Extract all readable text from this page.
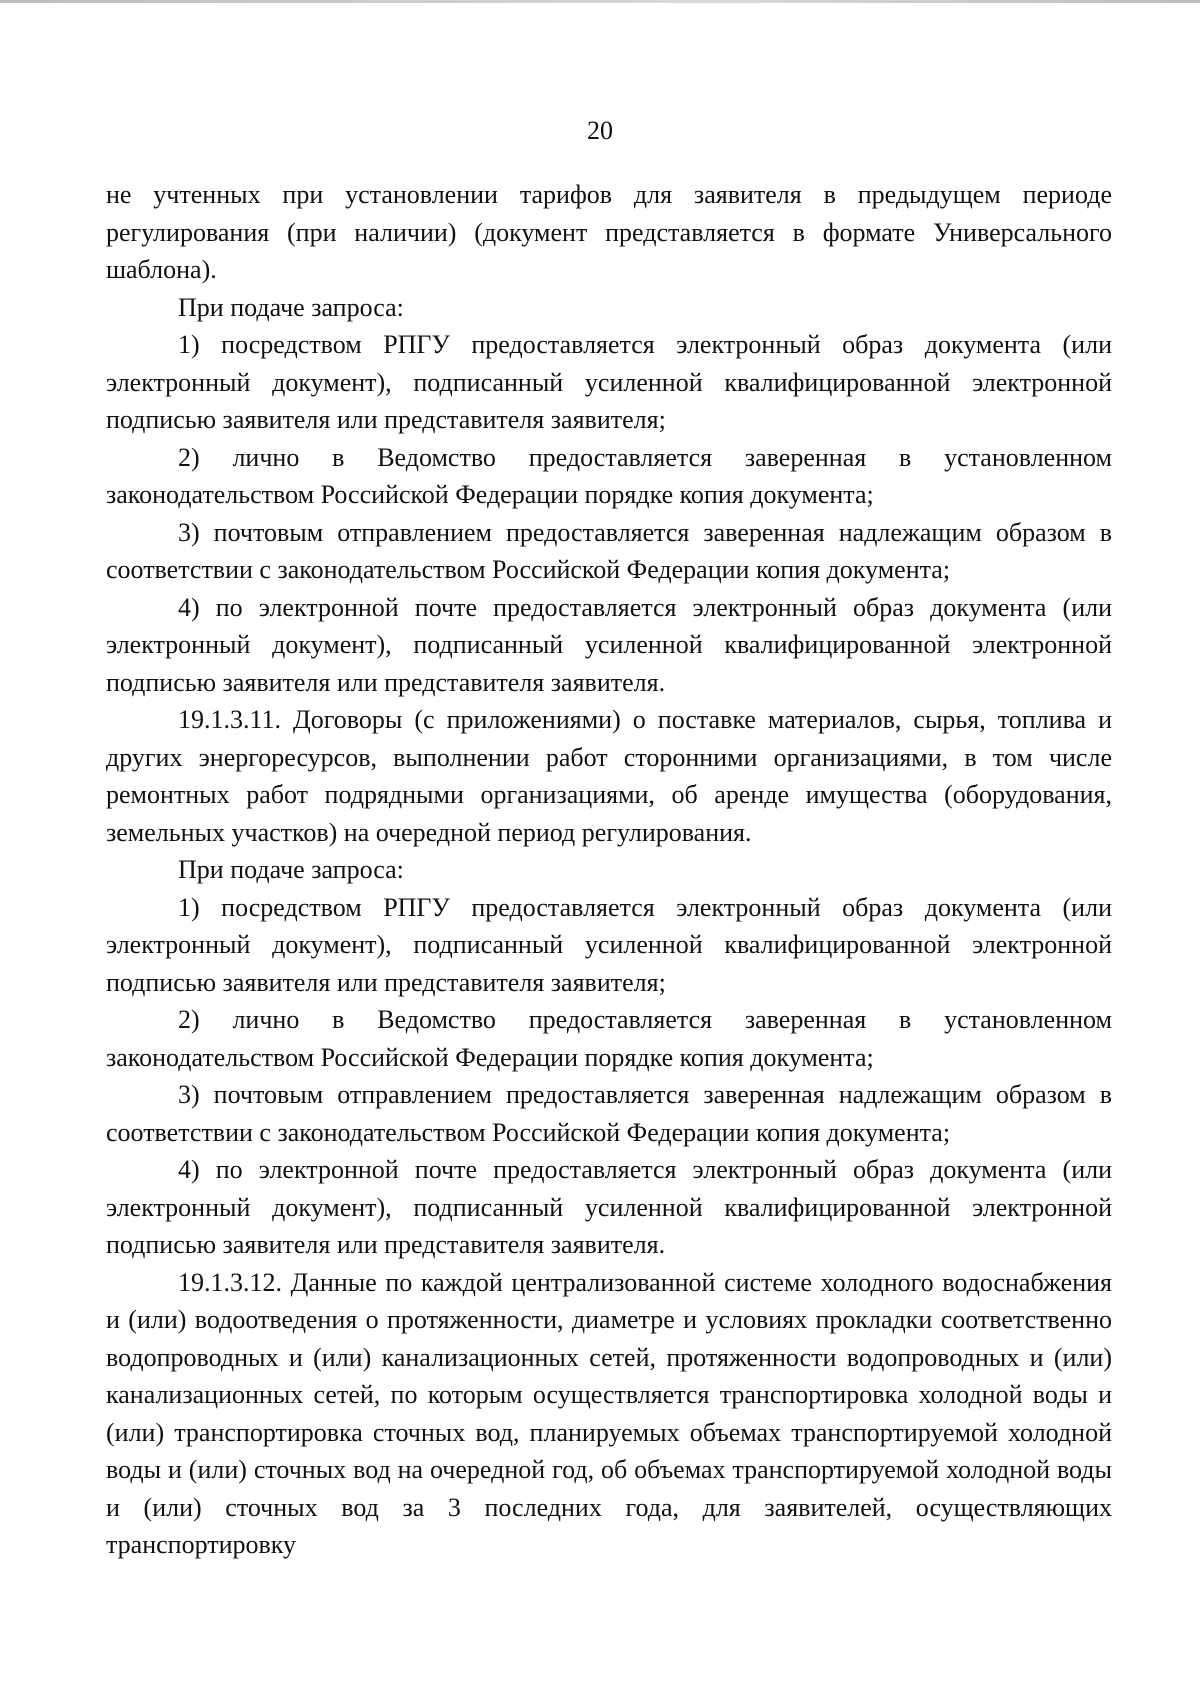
20

не учтенных при установлении тарифов для заявителя в предыдущем периоде регулирования (при наличии) (документ представляется в формате Универсального шаблона).

При подаче запроса:

1) посредством РПГУ предоставляется электронный образ документа (или электронный документ), подписанный усиленной квалифицированной электронной подписью заявителя или представителя заявителя;

2) лично в Ведомство предоставляется заверенная в установленном законодательством Российской Федерации порядке копия документа;

3) почтовым отправлением предоставляется заверенная надлежащим образом в соответствии с законодательством Российской Федерации копия документа;

4) по электронной почте предоставляется электронный образ документа (или электронный документ), подписанный усиленной квалифицированной электронной подписью заявителя или представителя заявителя.

19.1.3.11. Договоры (с приложениями) о поставке материалов, сырья, топлива и других энергоресурсов, выполнении работ сторонними организациями, в том числе ремонтных работ подрядными организациями, об аренде имущества (оборудования, земельных участков) на очередной период регулирования.

При подаче запроса:

1) посредством РПГУ предоставляется электронный образ документа (или электронный документ), подписанный усиленной квалифицированной электронной подписью заявителя или представителя заявителя;

2) лично в Ведомство предоставляется заверенная в установленном законодательством Российской Федерации порядке копия документа;

3) почтовым отправлением предоставляется заверенная надлежащим образом в соответствии с законодательством Российской Федерации копия документа;

4) по электронной почте предоставляется электронный образ документа (или электронный документ), подписанный усиленной квалифицированной электронной подписью заявителя или представителя заявителя.

19.1.3.12. Данные по каждой централизованной системе холодного водоснабжения и (или) водоотведения о протяженности, диаметре и условиях прокладки соответственно водопроводных и (или) канализационных сетей, протяженности водопроводных и (или) канализационных сетей, по которым осуществляется транспортировка холодной воды и (или) транспортировка сточных вод, планируемых объемах транспортируемой холодной воды и (или) сточных вод на очередной год, об объемах транспортируемой холодной воды и (или) сточных вод за 3 последних года, для заявителей, осуществляющих транспортировку
